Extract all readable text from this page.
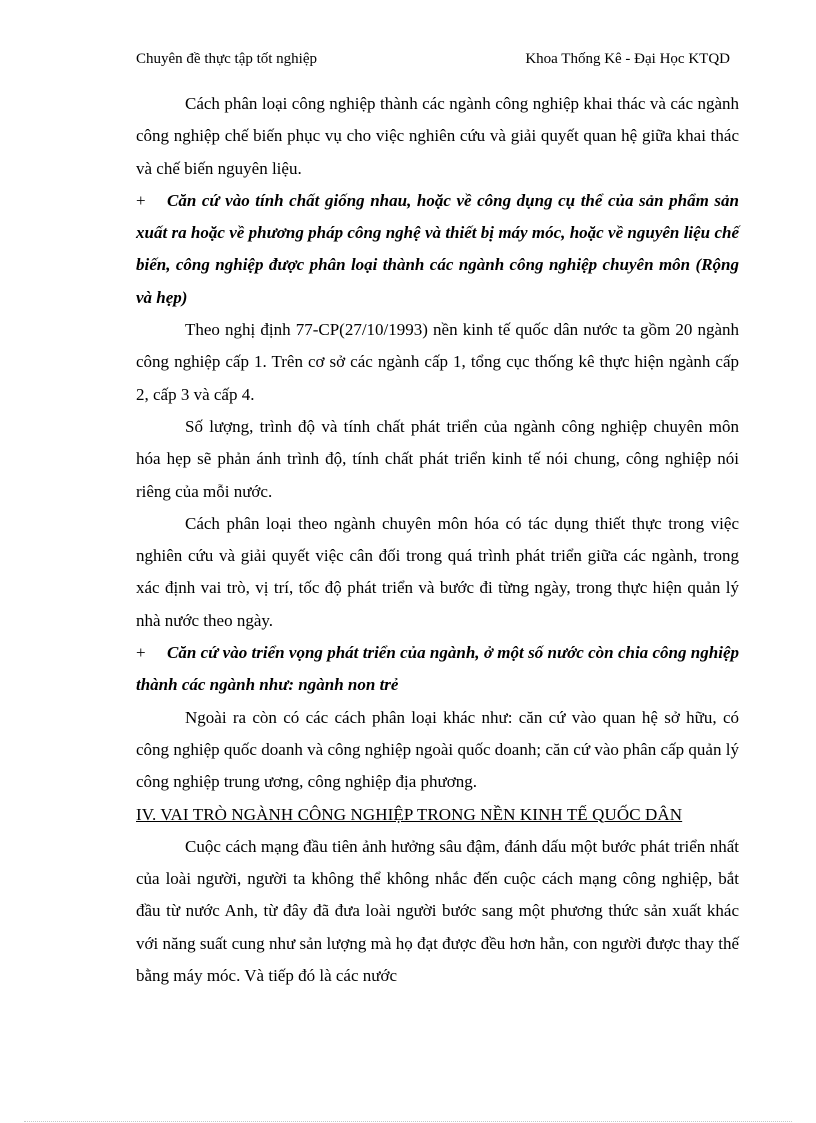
Chuyên đề thực tập tốt nghiệp	Khoa Thống Kê - Đại Học KTQD

Cách phân loại công nghiệp thành các ngành công nghiệp khai thác và các ngành công nghiệp chế biến phục vụ cho việc nghiên cứu và giải quyết quan hệ giữa khai thác và chế biến nguyên liệu.

+ Căn cứ vào tính chất giống nhau, hoặc về công dụng cụ thể của sản phẩm sản xuất ra hoặc về phương pháp công nghệ và thiết bị máy móc, hoặc về nguyên liệu chế biến, công nghiệp được phân loại thành các ngành công nghiệp chuyên môn (Rộng và hẹp)

Theo nghị định 77-CP(27/10/1993) nền kinh tế quốc dân nước ta gồm 20 ngành công nghiệp cấp 1. Trên cơ sở các ngành cấp 1, tổng cục thống kê thực hiện ngành cấp 2, cấp 3 và cấp 4.

Số lượng, trình độ và tính chất phát triển của ngành công nghiệp chuyên môn hóa hẹp sẽ phản ánh trình độ, tính chất phát triển kinh tế nói chung, công nghiệp nói riêng của mỗi nước.

Cách phân loại theo ngành chuyên môn hóa có tác dụng thiết thực trong việc nghiên cứu và giải quyết việc cân đối trong quá trình phát triển giữa các ngành, trong xác định vai trò, vị trí, tốc độ phát triển và bước đi từng ngày, trong thực hiện quản lý nhà nước theo ngày.

+ Căn cứ vào triển vọng phát triển của ngành, ở một số nước còn chia công nghiệp thành các ngành như: ngành non trẻ

Ngoài ra còn có các cách phân loại khác như: căn cứ vào quan hệ sở hữu, có công nghiệp quốc doanh và công nghiệp ngoài quốc doanh; căn cứ vào phân cấp quản lý công nghiệp trung ương, công nghiệp địa phương.

IV. VAI TRÒ NGÀNH CÔNG NGHIỆP TRONG NỀN KINH TẾ QUỐC DÂN

Cuộc cách mạng đầu tiên ảnh hưởng sâu đậm, đánh dấu một bước phát triển nhất của loài người, người ta không thể không nhắc đến cuộc cách mạng công nghiệp, bắt đầu từ nước Anh, từ đây đã đưa loài người bước sang một phương thức sản xuất khác với năng suất cung như sản lượng mà họ đạt được đều hơn hẳn, con người được thay thế bằng máy móc. Và tiếp đó là các nước
